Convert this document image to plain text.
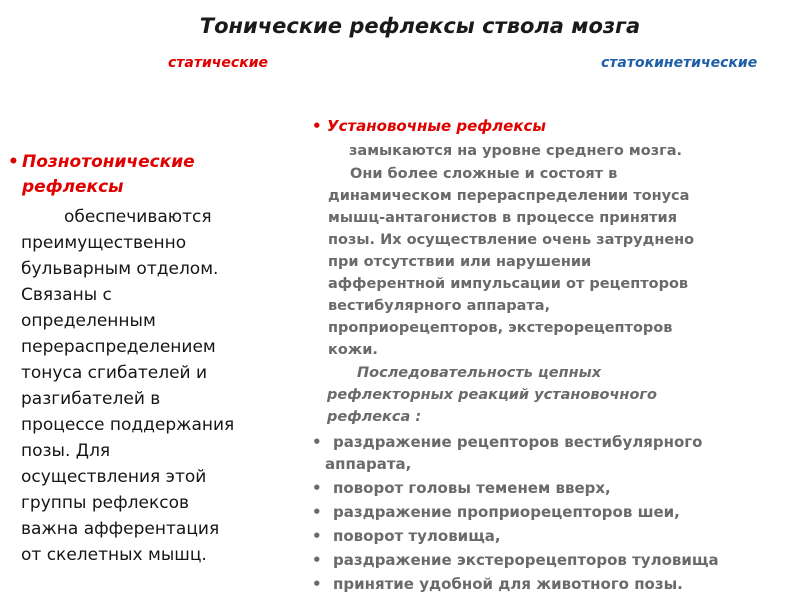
Тонические рефлексы ствола мозга
статические	статокинетические
• Познотонические
рефлексы
обеспечиваются
преимущественно
бульварным отделом.
Связаны с
определенным
перераспределением
тонуса сгибателей и
разгибателей в
процессе поддержания
позы. Для
осуществления этой
группы рефлексов
важна афферентация
от скелетных мышц.
• Установочные рефлексы
замыкаются на уровне среднего мозга.
Они более сложные и состоят в
динамическом перераспределении тонуса
мышц-антагонистов в процессе принятия
позы. Их осуществление очень затруднено
при отсутствии или нарушении
афферентной импульсации от рецепторов
вестибулярного аппарата,
проприорецепторов, экстерорецепторов
кожи.
Последовательность цепных
рефлекторных реакций установочного
рефлекса :
• раздражение рецепторов вестибулярного
аппарата,
• поворот головы теменем вверх,
• раздражение проприорецепторов шеи,
• поворот туловища,
• раздражение экстерорецепторов туловища
• принятие удобной для животного позы.
